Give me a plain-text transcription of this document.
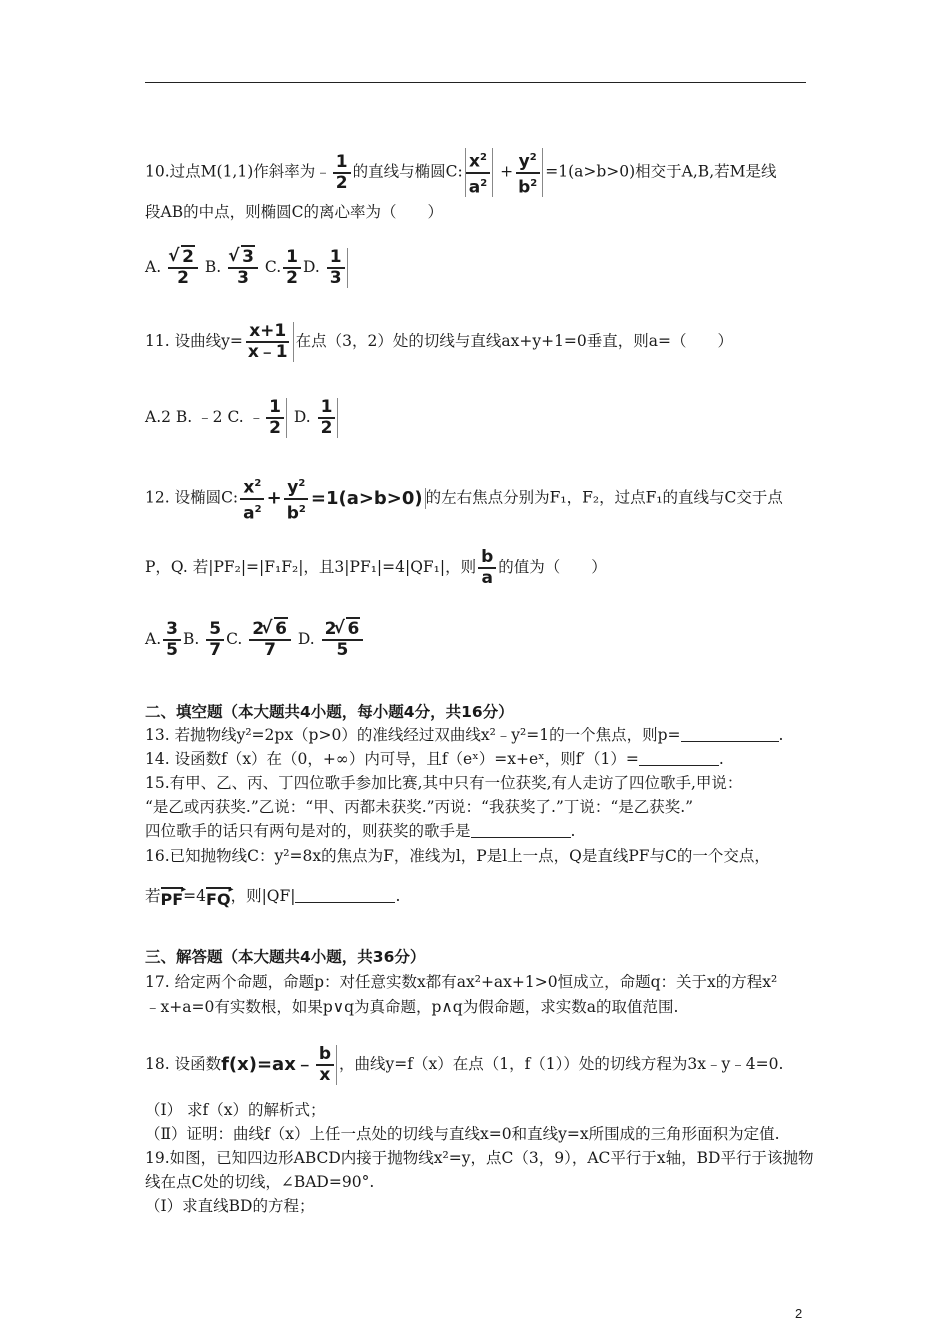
10.过点M(1,1)作斜率为﹣ $\frac{1}{2}$ 的直线与椭圆C: $\frac{x^2}{a^2} + \frac{y^2}{b^2} =1(a>b>0)$相交于A,B,若M是线
段AB的中点，则椭圆C的离心率为（　　）
A. √ $\frac{2}{2} B$. √ $\frac{3}{3} C$. $\frac{1}{2} D$. $\frac{1}{3}$
11. 设曲线$y= \frac{x+1}{x﹣1}$ 在点（3，2）处的切线与直线ax+y+1=0垂直，则a=（　　）
A.2 B. ﹣2 C. ﹣ $\frac{1}{2} D$. $\frac{1}{2}$
12. 设椭圆C: $\frac{x^2}{a^2} + \frac{y^2}{b^2} =1(a>b>0)$ 的左右焦点分别为F₁，F₂，过点F₁的直线与C交于点
P，Q. 若|PF₂|=|F₁F₂|，且3|PF₁|=4|QF₁|，则 $\frac{b}{a}$ 的值为（　　）
A. $\frac{3}{5} B$. $\frac{5}{7} C$. $\frac{2 √ 6}{7} D$. $\frac{2 √ 6}{5}$
二、填空题（本大题共4小题，每小题4分，共16分）
13. 若抛物线y²=2px（p>0）的准线经过双曲线x²﹣y²=1的一个焦点，则p=	.
14. 设函数f（x）在（0，+∞）内可导，且f（eˣ）=x+eˣ，则f′（1）=	.
15.有甲、乙、丙、丁四位歌手参加比赛,其中只有一位获奖,有人走访了四位歌手,甲说：
“是乙或丙获奖.”乙说：“甲、丙都未获奖.”丙说：“我获奖了.”丁说：“是乙获奖.”
四位歌手的话只有两句是对的，则获奖的歌手是	.
16.已知抛物线C：y²=8x的焦点为F，准线为l，P是l上一点，Q是直线PF与C的一个交点，
若PF ▸=4FQ ▸，则|QF|	.
三、解答题（本大题共4小题，共36分）
17. 给定两个命题，命题p：对任意实数x都有ax²+ax+1>0恒成立，命题q：关于x的方程x²
﹣x+a=0有实数根，如果p∨q为真命题，p∧q为假命题，求实数a的取值范围.
18. 设函数f(x)=ax﹣ $\frac{b}{x}$ ，曲线y=f（x）在点（1，f（1））处的切线方程为3x﹣y﹣4=0.
（Ⅰ） 求f（x）的解析式；
（Ⅱ）证明：曲线f（x）上任一点处的切线与直线x=0和直线y=x所围成的三角形面积为定值.
19.如图，已知四边形ABCD内接于抛物线x²=y，点C（3，9），AC平行于x轴，BD平行于该抛物
线在点C处的切线，∠BAD=90°.
（Ⅰ）求直线BD的方程；
2
